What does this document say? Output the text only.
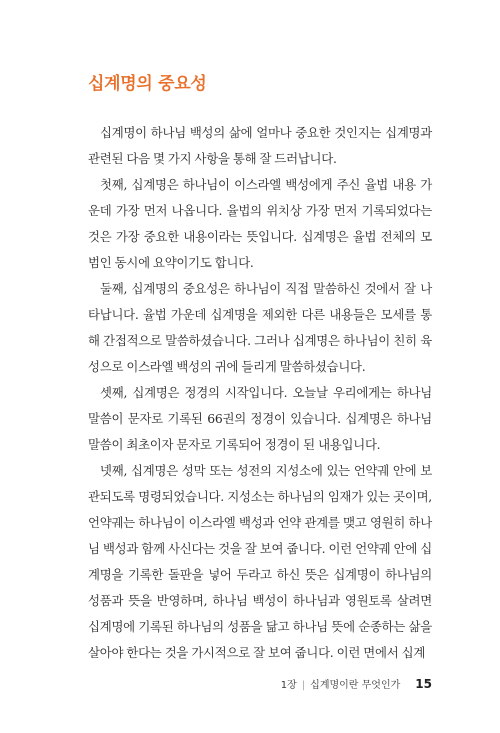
십계명의 중요성

십계명이 하나님 백성의 삶에 얼마나 중요한 것인지는 십계명과 관련된 다음 몇 가지 사항을 통해 잘 드러납니다.

첫째, 십계명은 하나님이 이스라엘 백성에게 주신 율법 내용 가운데 가장 먼저 나옵니다. 율법의 위치상 가장 먼저 기록되었다는 것은 가장 중요한 내용이라는 뜻입니다. 십계명은 율법 전체의 모범인 동시에 요약이기도 합니다.

둘째, 십계명의 중요성은 하나님이 직접 말씀하신 것에서 잘 나타납니다. 율법 가운데 십계명을 제외한 다른 내용들은 모세를 통해 간접적으로 말씀하셨습니다. 그러나 십계명은 하나님이 친히 육성으로 이스라엘 백성의 귀에 들리게 말씀하셨습니다.

셋째, 십계명은 정경의 시작입니다. 오늘날 우리에게는 하나님 말씀이 문자로 기록된 66권의 정경이 있습니다. 십계명은 하나님 말씀이 최초이자 문자로 기록되어 정경이 된 내용입니다.

넷째, 십계명은 성막 또는 성전의 지성소에 있는 언약궤 안에 보관되도록 명령되었습니다. 지성소는 하나님의 임재가 있는 곳이며, 언약궤는 하나님이 이스라엘 백성과 언약 관계를 맺고 영원히 하나님 백성과 함께 사신다는 것을 잘 보여 줍니다. 이런 언약궤 안에 십계명을 기록한 돌판을 넣어 두라고 하신 뜻은 십계명이 하나님의 성품과 뜻을 반영하며, 하나님 백성이 하나님과 영원토록 살려면 십계명에 기록된 하나님의 성품을 닮고 하나님 뜻에 순종하는 삶을 살아야 한다는 것을 가시적으로 잘 보여 줍니다. 이런 면에서 십계

1장 | 십계명이란 무엇인가 15
